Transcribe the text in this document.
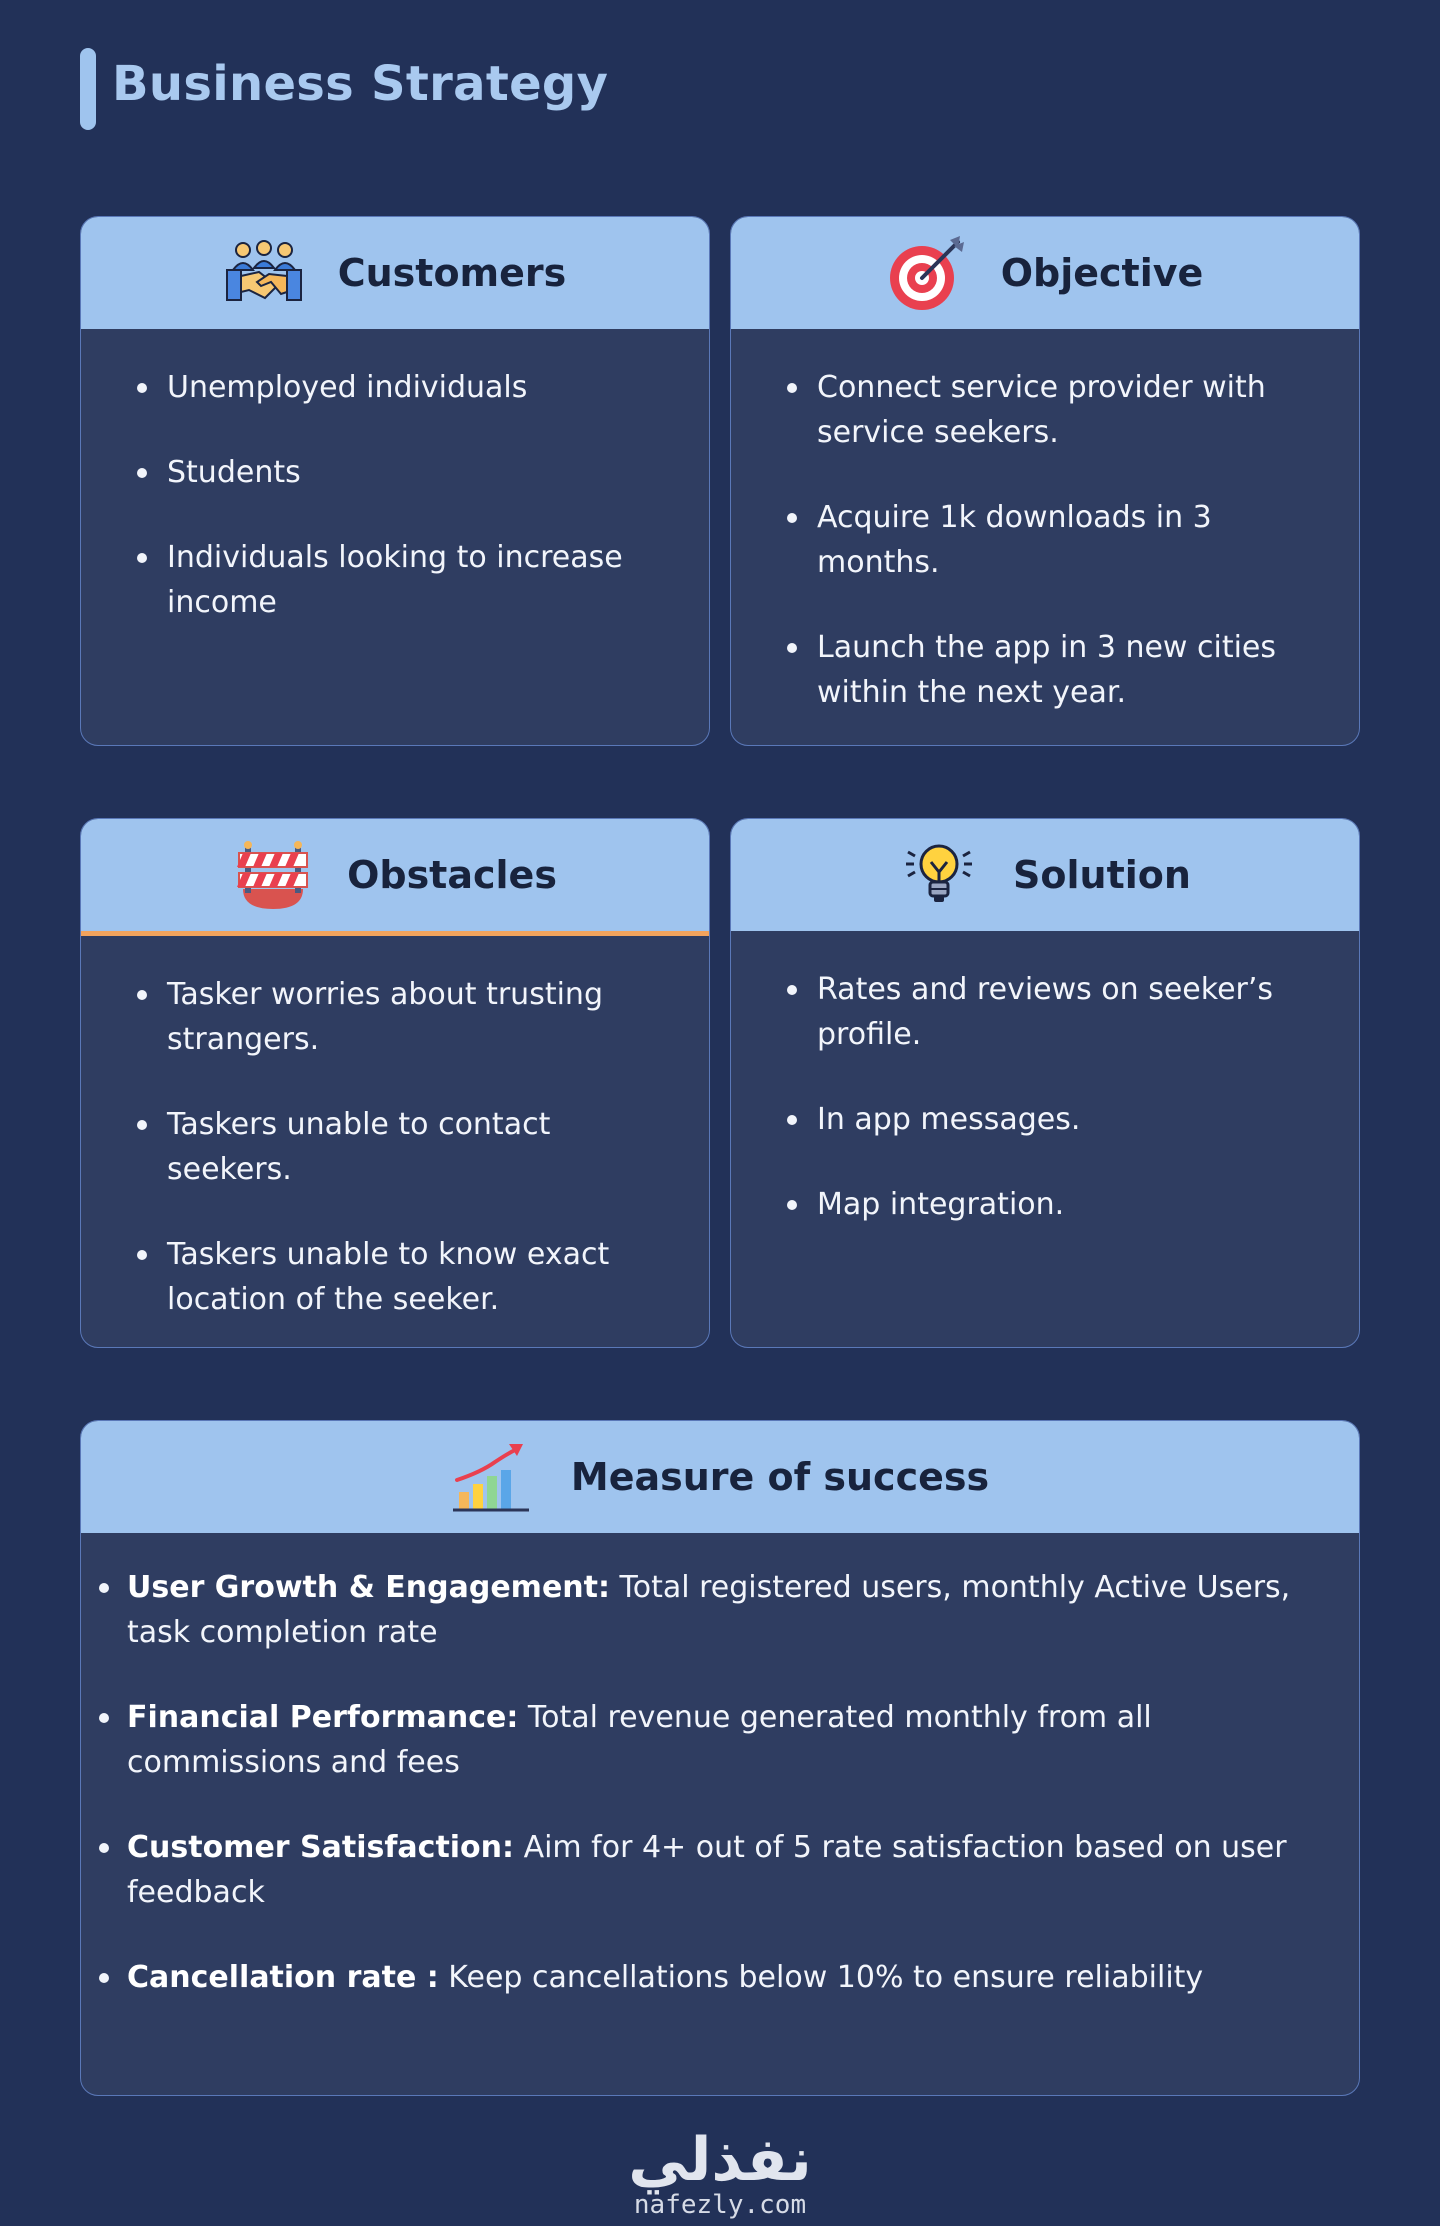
Business Strategy
Customers
Unemployed individuals
Students
Individuals looking to increase income
Objective
Connect service provider with service seekers.
Acquire 1k downloads in 3 months.
Launch the app in 3 new cities within the next year.
Obstacles
Tasker worries about trusting strangers.
Taskers unable to contact seekers.
Taskers unable to know exact location of the seeker.
Solution
Rates and reviews on seeker’s profile.
In app messages.
Map integration.
Measure of success
User Growth & Engagement: Total registered users, monthly Active Users, task completion rate
Financial Performance: Total revenue generated monthly from all commissions and fees
Customer Satisfaction: Aim for 4+ out of 5 rate satisfaction based on user feedback
Cancellation rate : Keep cancellations below 10% to ensure reliability
نفذلي
nafezly.com
